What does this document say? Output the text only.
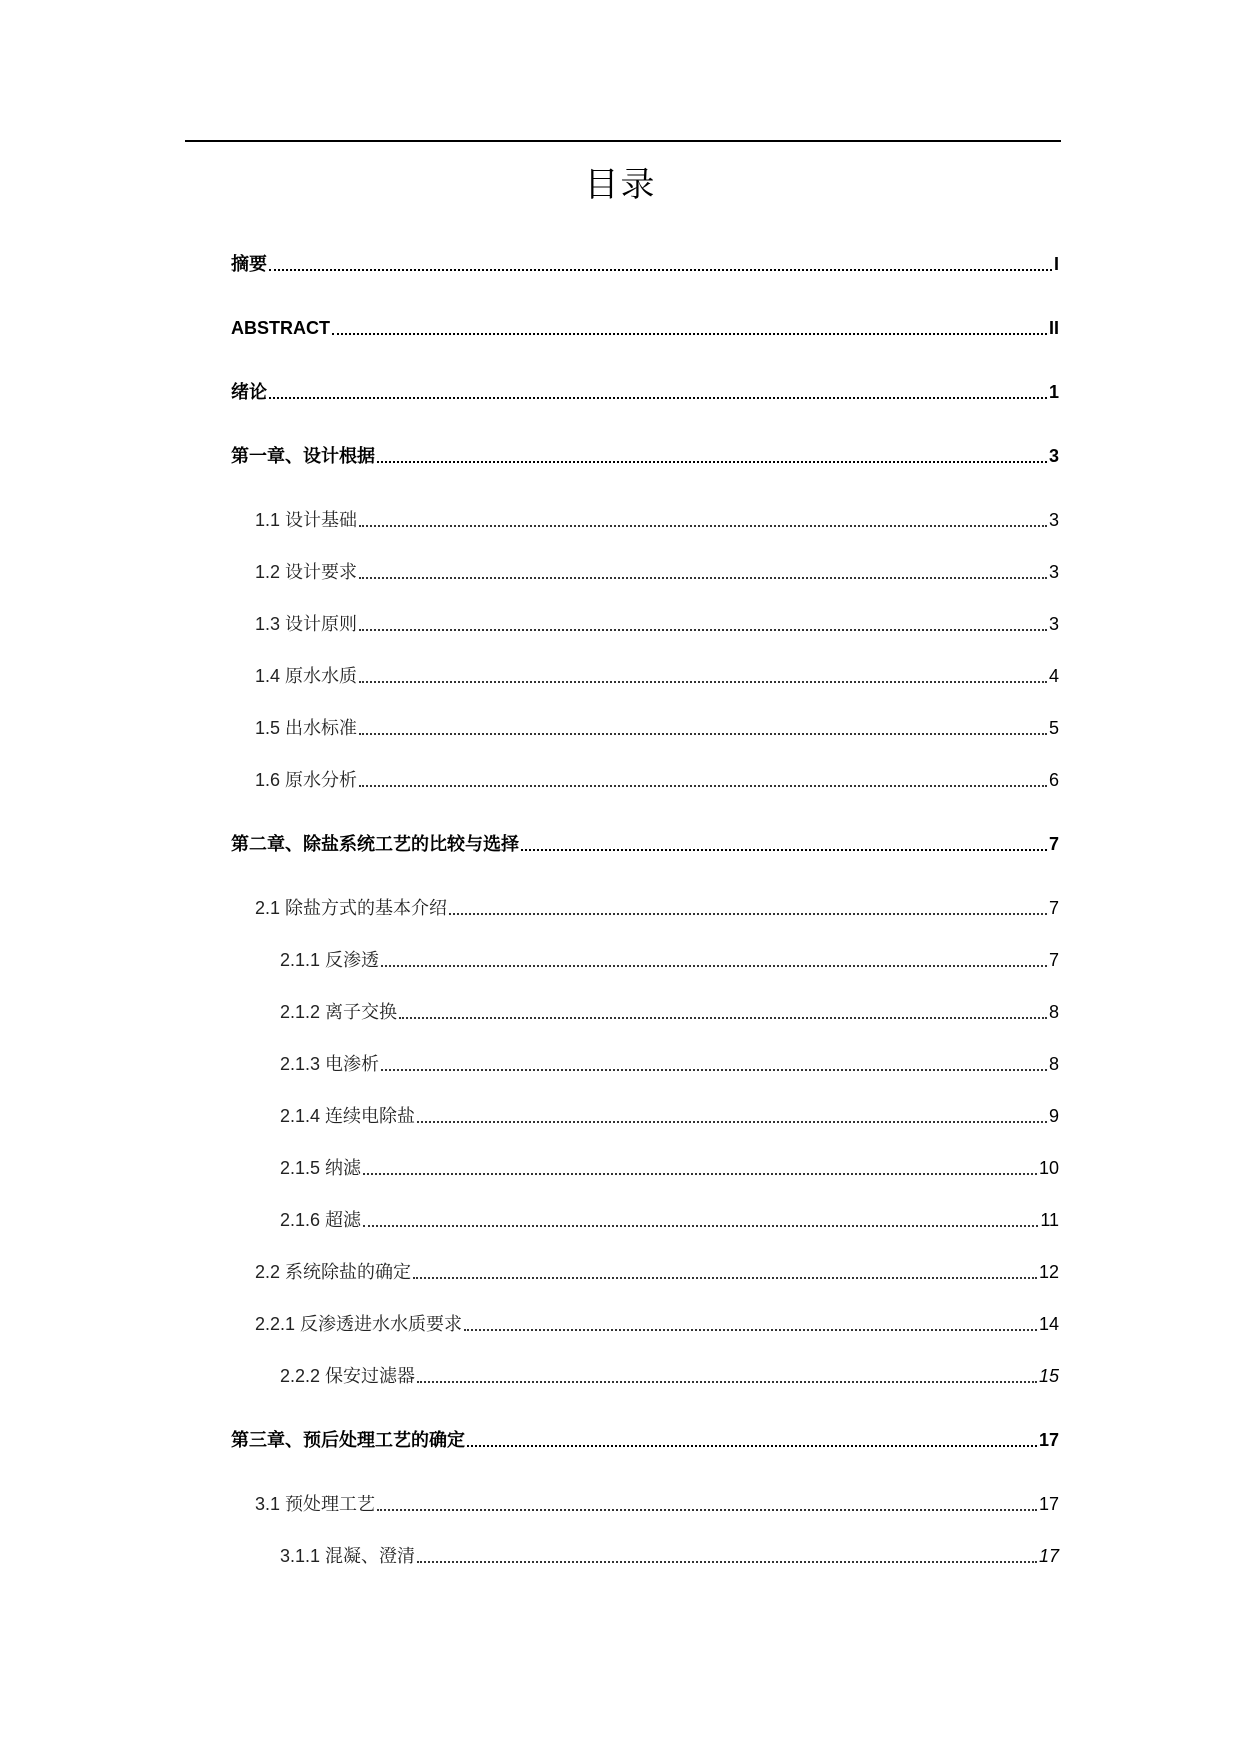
目录
摘要	I
ABSTRACT	II
绪论	1
第一章、设计根据	3
1.1 设计基础	3
1.2 设计要求	3
1.3 设计原则	3
1.4 原水水质	4
1.5 出水标准	5
1.6 原水分析	6
第二章、除盐系统工艺的比较与选择	7
2.1 除盐方式的基本介绍	7
2.1.1 反渗透	7
2.1.2 离子交换	8
2.1.3 电渗析	8
2.1.4 连续电除盐	9
2.1.5 纳滤	10
2.1.6 超滤	11
2.2 系统除盐的确定	12
2.2.1 反渗透进水水质要求	14
2.2.2 保安过滤器	15
第三章、预后处理工艺的确定	17
3.1 预处理工艺	17
3.1.1 混凝、澄清	17
